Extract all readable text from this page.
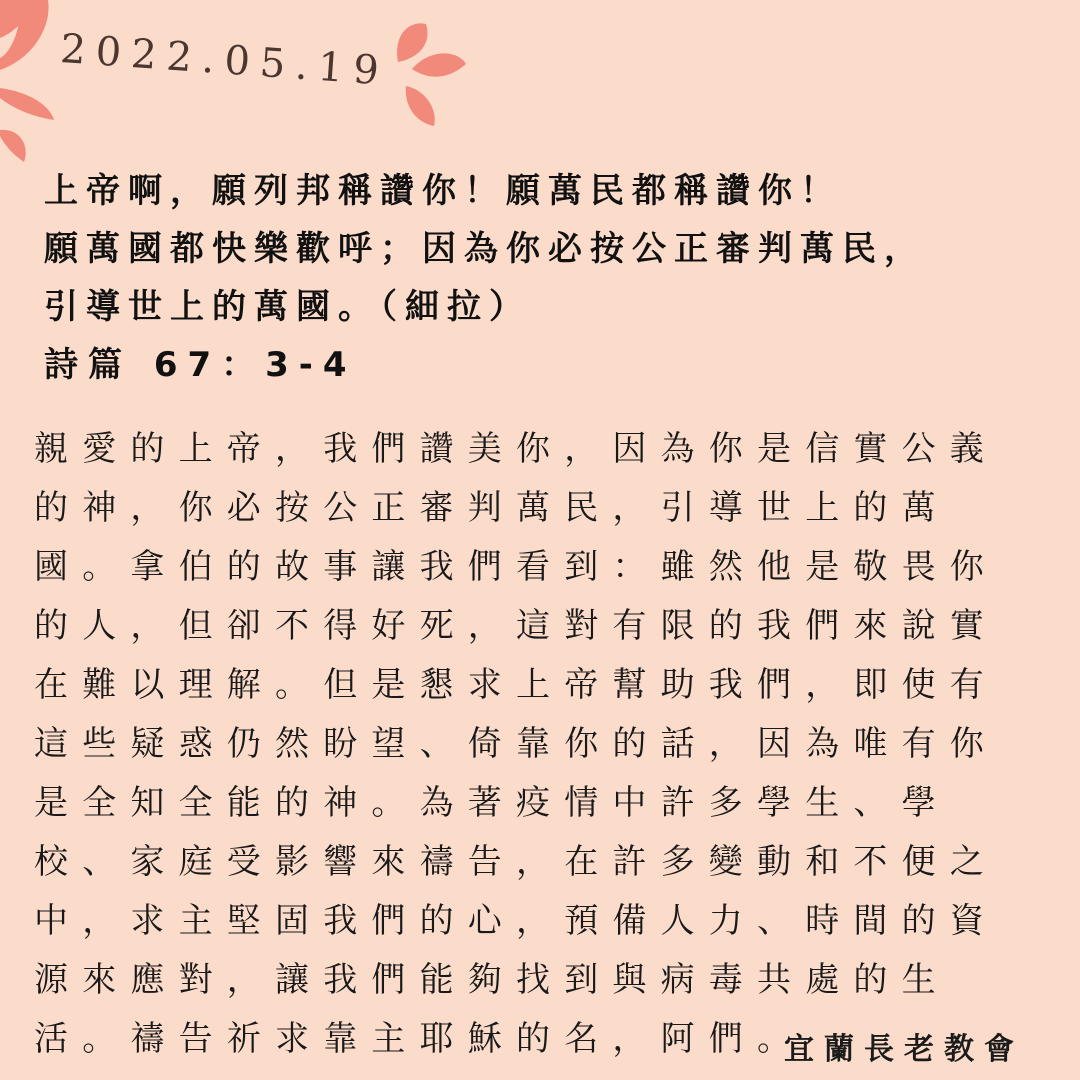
2022.05.19
上帝啊，願列邦稱讚你！願萬民都稱讚你！
願萬國都快樂歡呼；因為你必按公正審判萬民，
引導世上的萬國。（細拉）
詩篇 67：3-4
親愛的上帝，我們讚美你，因為你是信實公義的神，你必按公正審判萬民，引導世上的萬國。拿伯的故事讓我們看到：雖然他是敬畏你的人，但卻不得好死，這對有限的我們來說實在難以理解。但是懇求上帝幫助我們，即使有這些疑惑仍然盼望、倚靠你的話，因為唯有你是全知全能的神。為著疫情中許多學生、學校、家庭受影響來禱告，在許多變動和不便之中，求主堅固我們的心，預備人力、時間的資源來應對，讓我們能夠找到與病毒共處的生活。禱告祈求靠主耶穌的名，阿們。
宜蘭長老教會
